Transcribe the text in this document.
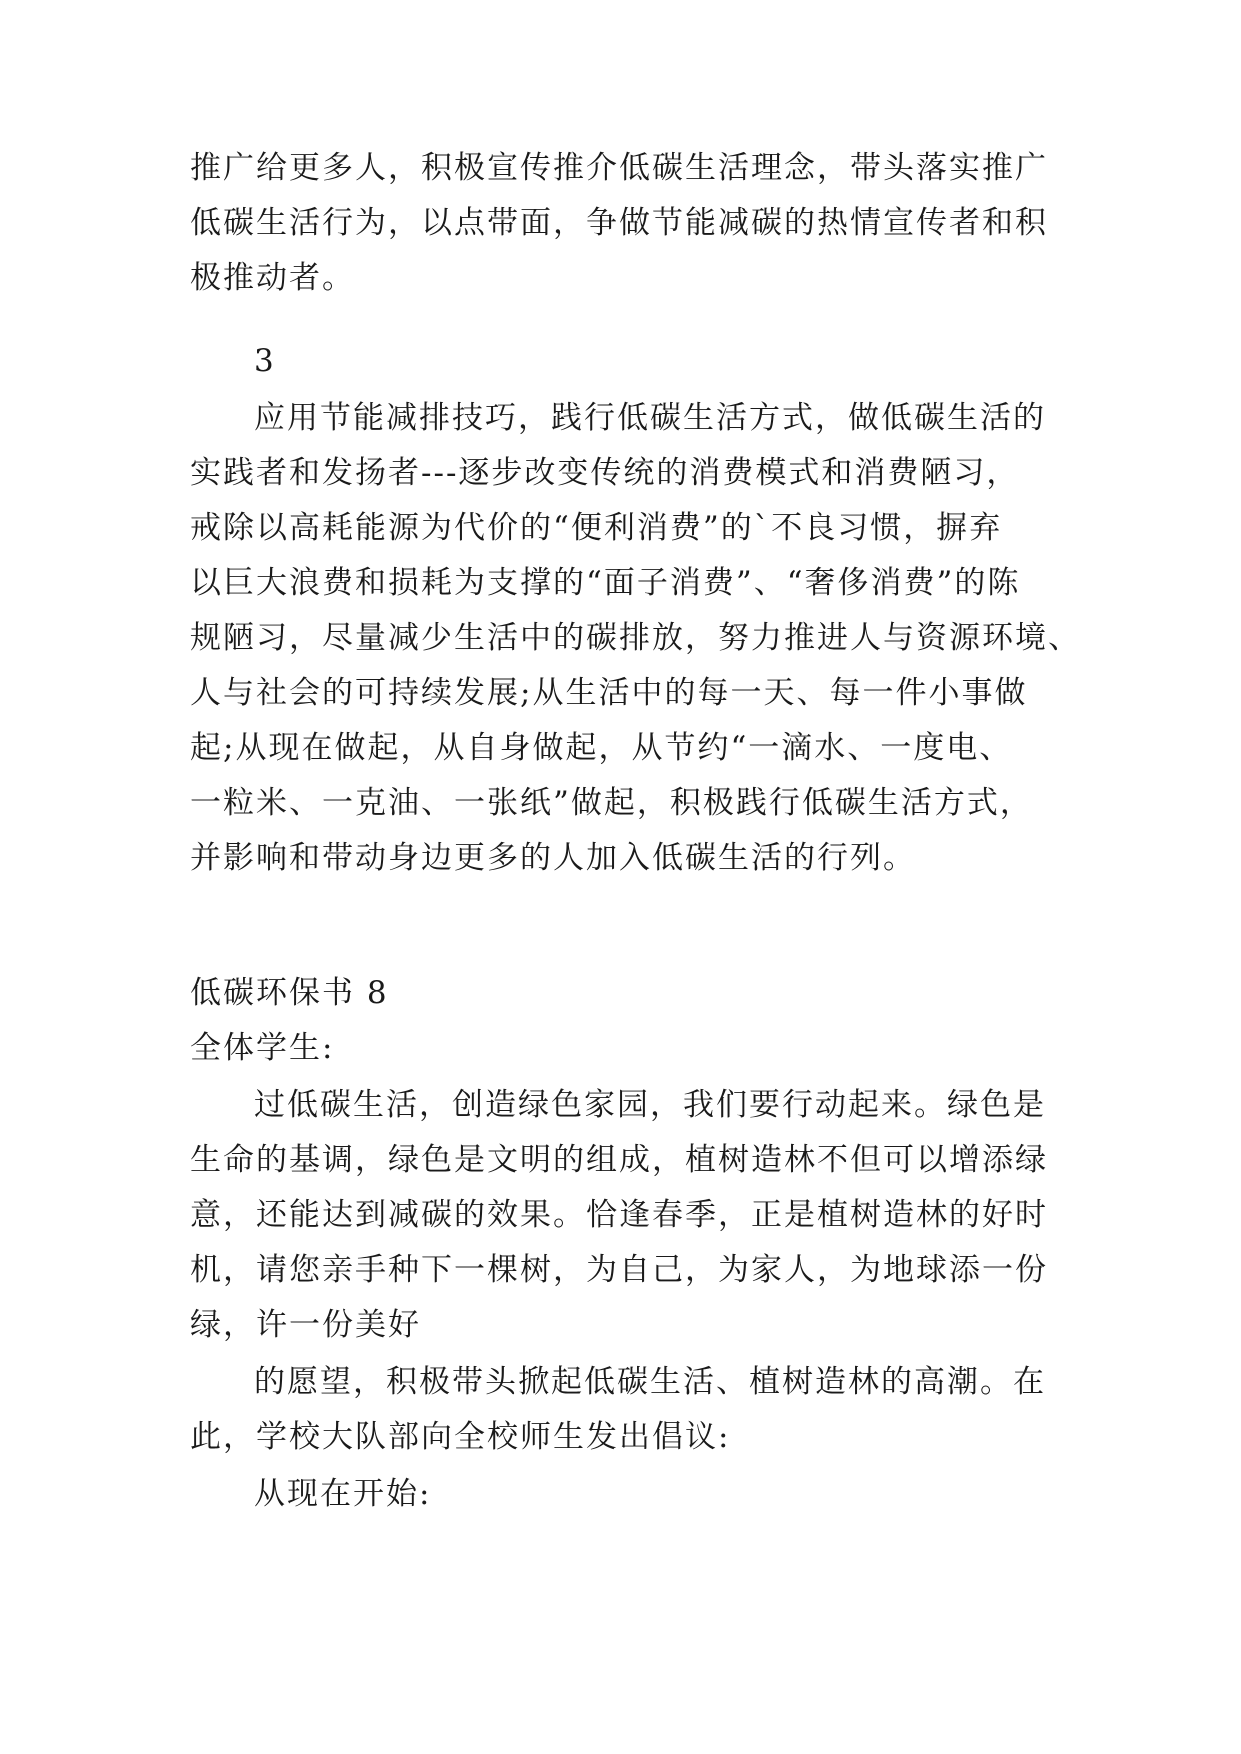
推广给更多人，积极宣传推介低碳生活理念，带头落实推广
低碳生活行为，以点带面，争做节能减碳的热情宣传者和积
极推动者。
3
应用节能减排技巧，践行低碳生活方式，做低碳生活的
实践者和发扬者---逐步改变传统的消费模式和消费陋习，
戒除以高耗能源为代价的“便利消费”的`不良习惯，摒弃
以巨大浪费和损耗为支撑的“面子消费”、“奢侈消费”的陈
规陋习，尽量减少生活中的碳排放，努力推进人与资源环境、
人与社会的可持续发展;从生活中的每一天、每一件小事做
起;从现在做起，从自身做起，从节约“一滴水、一度电、
一粒米、一克油、一张纸”做起，积极践行低碳生活方式，
并影响和带动身边更多的人加入低碳生活的行列。
低碳环保书 8
全体学生:
过低碳生活，创造绿色家园，我们要行动起来。绿色是
生命的基调，绿色是文明的组成，植树造林不但可以增添绿
意，还能达到减碳的效果。恰逢春季，正是植树造林的好时
机，请您亲手种下一棵树，为自己，为家人，为地球添一份
绿，许一份美好
的愿望，积极带头掀起低碳生活、植树造林的高潮。在
此，学校大队部向全校师生发出倡议:
从现在开始:
